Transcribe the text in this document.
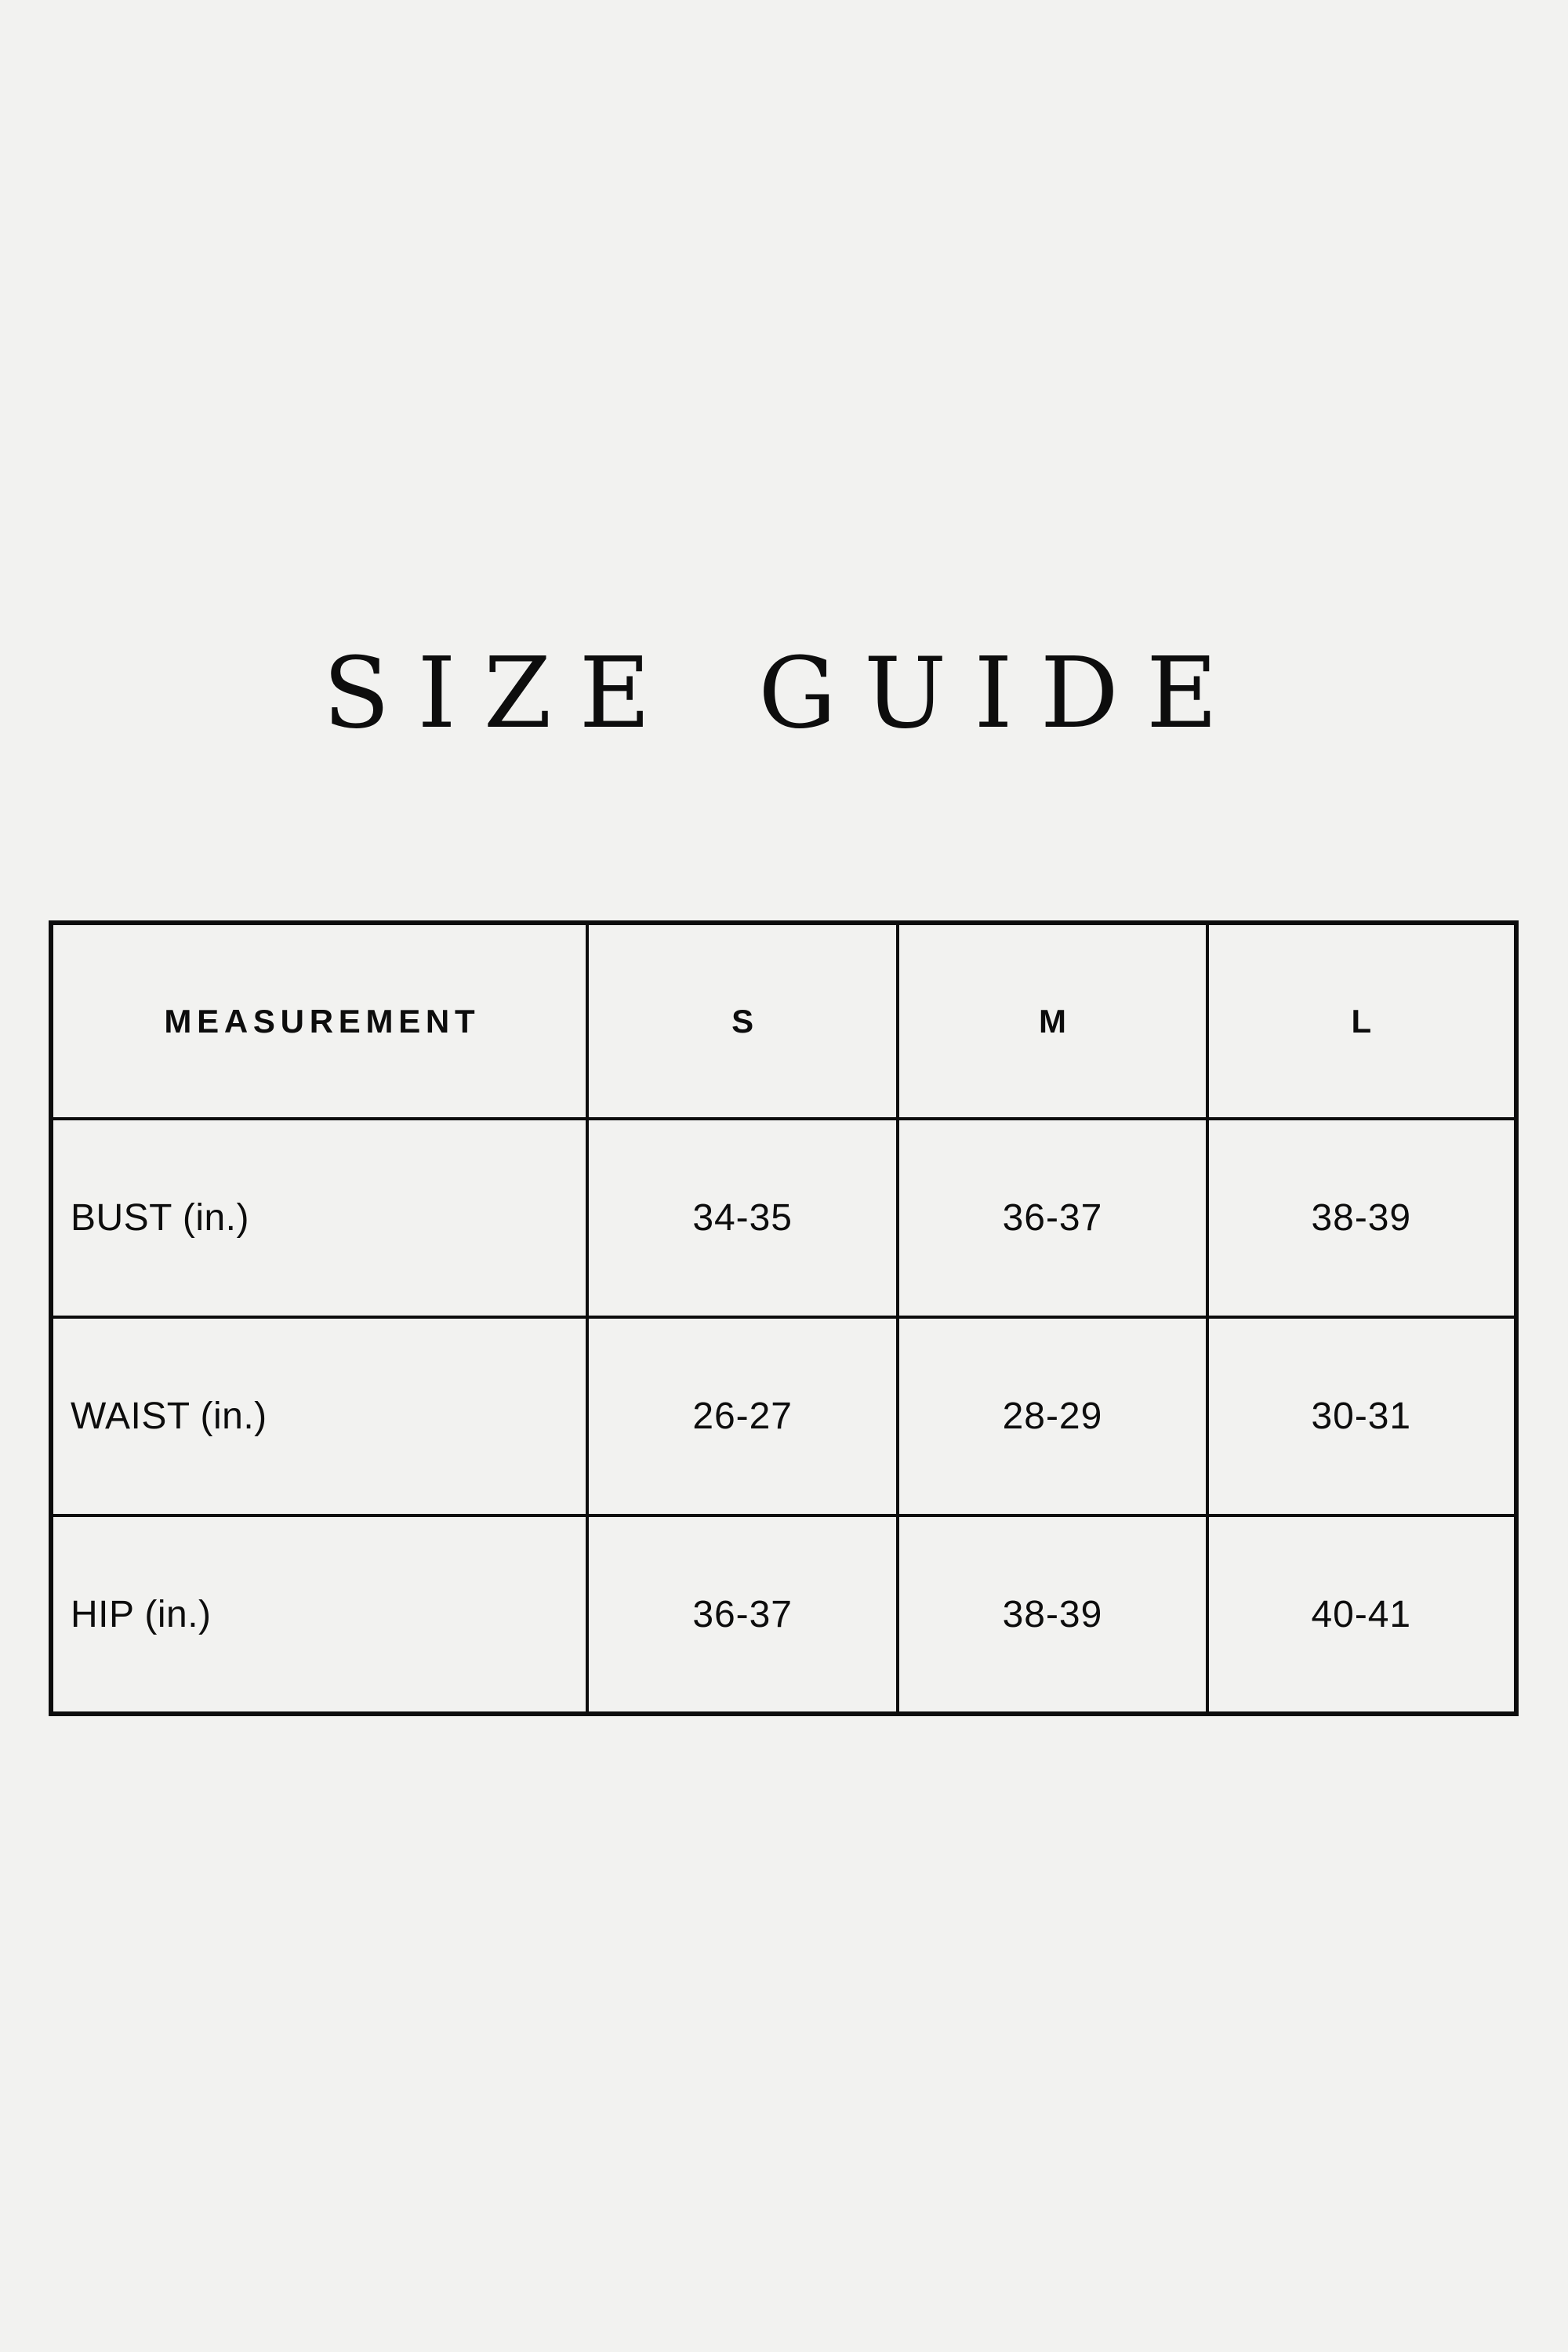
SIZE GUIDE
MEASUREMENT	S	M	L
BUST (in.)	34-35	36-37	38-39
WAIST (in.)	26-27	28-29	30-31
HIP (in.)	36-37	38-39	40-41
